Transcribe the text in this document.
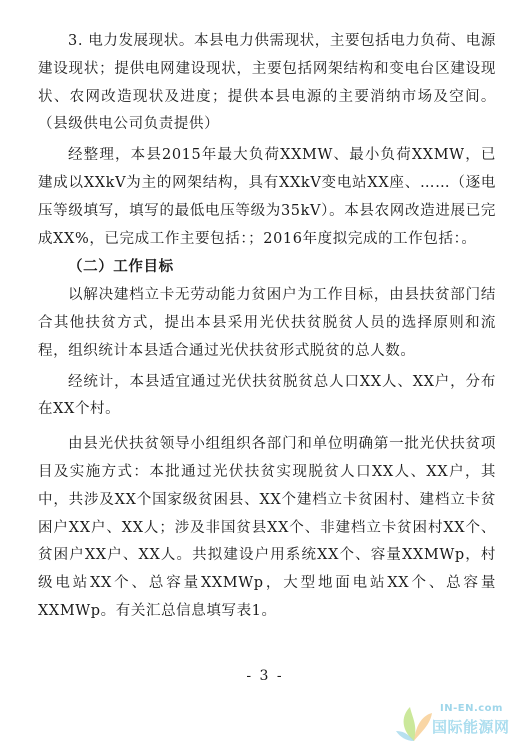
3. 电力发展现状。本县电力供需现状，主要包括电力负荷、电源建设现状；提供电网建设现状，主要包括网架结构和变电台区建设现状、农网改造现状及进度；提供本县电源的主要消纳市场及空间。（县级供电公司负责提供）

经整理，本县2015年最大负荷XXMW、最小负荷XXMW，已建成以XXkV为主的网架结构，具有XXkV变电站XX座、……（逐电压等级填写，填写的最低电压等级为35kV）。本县农网改造进展已完成XX%，已完成工作主要包括：；2016年度拟完成的工作包括：。

（二）工作目标

以解决建档立卡无劳动能力贫困户为工作目标，由县扶贫部门结合其他扶贫方式，提出本县采用光伏扶贫脱贫人员的选择原则和流程，组织统计本县适合通过光伏扶贫形式脱贫的总人数。

经统计，本县适宜通过光伏扶贫脱贫总人口XX人、XX户，分布在XX个村。

由县光伏扶贫领导小组组织各部门和单位明确第一批光伏扶贫项目及实施方式：本批通过光伏扶贫实现脱贫人口XX人、XX户，其中，共涉及XX个国家级贫困县、XX个建档立卡贫困村、建档立卡贫困户XX户、XX人；涉及非国贫县XX个、非建档立卡贫困村XX个、贫困户XX户、XX人。共拟建设户用系统XX个、容量XXMWp，村级电站XX个、总容量XXMWp，大型地面电站XX个、总容量XXMWp。有关汇总信息填写表1。

- 3 -
IN-EN.com
国际能源网
